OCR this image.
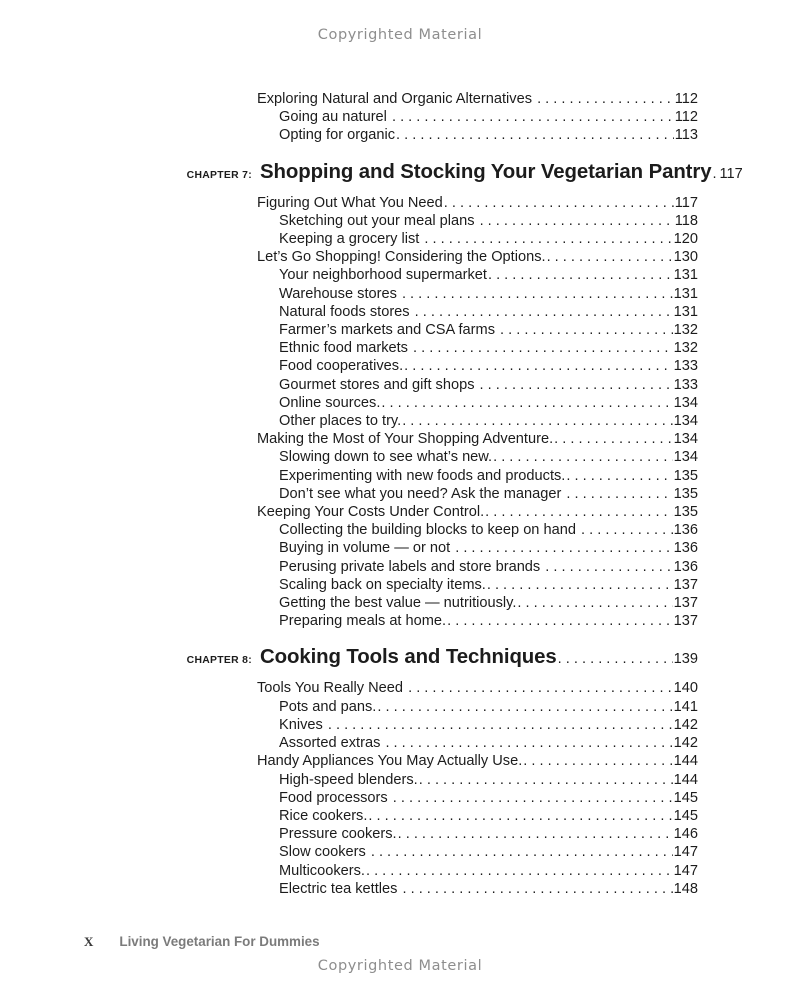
Copyrighted Material
Exploring Natural and Organic Alternatives . . .	112
Going au naturel . . .	112
Opting for organic . . .	113
CHAPTER 7: Shopping and Stocking Your Vegetarian Pantry . . . 117
Figuring Out What You Need . . .	117
Sketching out your meal plans . . .	118
Keeping a grocery list . . .	120
Let’s Go Shopping! Considering the Options. . . .	130
Your neighborhood supermarket . . .	131
Warehouse stores . . .	131
Natural foods stores . . .	131
Farmer’s markets and CSA farms . . .	132
Ethnic food markets . . .	132
Food cooperatives. . . .	133
Gourmet stores and gift shops . . .	133
Online sources. . . .	134
Other places to try. . . .	134
Making the Most of Your Shopping Adventure. . . .	134
Slowing down to see what’s new. . . .	134
Experimenting with new foods and products. . . .	135
Don’t see what you need? Ask the manager . . .	135
Keeping Your Costs Under Control. . . .	135
Collecting the building blocks to keep on hand . . .	136
Buying in volume — or not . . .	136
Perusing private labels and store brands . . .	136
Scaling back on specialty items. . . .	137
Getting the best value — nutritiously. . . .	137
Preparing meals at home. . . .	137
CHAPTER 8: Cooking Tools and Techniques . . .	139
Tools You Really Need . . .	140
Pots and pans. . . .	141
Knives . . .	142
Assorted extras . . .	142
Handy Appliances You May Actually Use. . . .	144
High-speed blenders. . . .	144
Food processors . . .	145
Rice cookers. . . .	145
Pressure cookers. . . .	146
Slow cookers . . .	147
Multicookers. . . .	147
Electric tea kettles . . .	148
X Living Vegetarian For Dummies
Copyrighted Material
